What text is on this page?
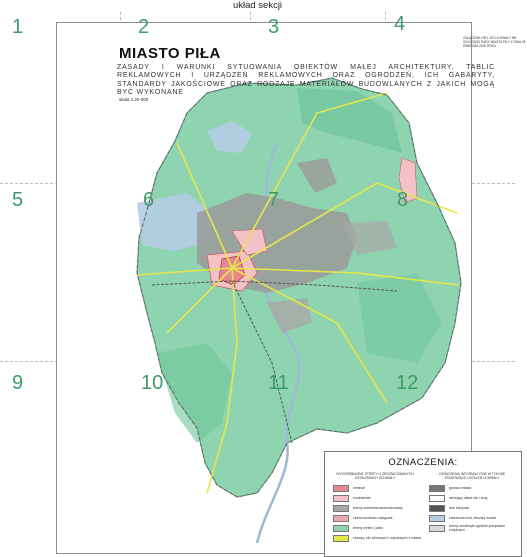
układ sekcji
MIASTO PIŁA
ZASADY I WARUNKI SYTUOWANIA OBIEKTÓW MAŁEJ ARCHITEKTURY, TABLIC REKLAMOWYCH I URZĄDZEŃ REKLAMOWYCH ORAZ OGRODZEŃ, ICH GABARYTY, STANDARDY JAKOŚCIOWE ORAZ RODZAJE MATERIAŁÓW BUDOWLANYCH Z JAKICH MOGĄ BYĆ WYKONANE
skala 1:20 000
ZAŁĄCZNIK NR 1 DO UCHWAŁY NR XXV/235/20 RADY MIASTA PIŁY Z DNIA 28 KWIETNIA 2020 ROKU
OZNACZENIA:
WYODRĘBNIONE STREFY O ZRÓŻNICOWANYCH USTALENIACH UCHWAŁY
OZNACZENIA INFORMACYJNE W TYM NIE STANOWIĄCE USTALEŃ UCHWAŁY
centrum
śródmieście
tereny zainwestowane/zabudowy
strefa handlowo-usługowa
tereny zieleni i parki
obszary ulic wlotowych i wylotowych z miasta
granica miasta
istniejący układ ulic i dróg
linie kolejowe
zabudowa wód, obszary wodne
tereny zamknięte zgodnie przepisami odrębnymi
1	2	3	4
5	6	7	8
9	10	11	12
